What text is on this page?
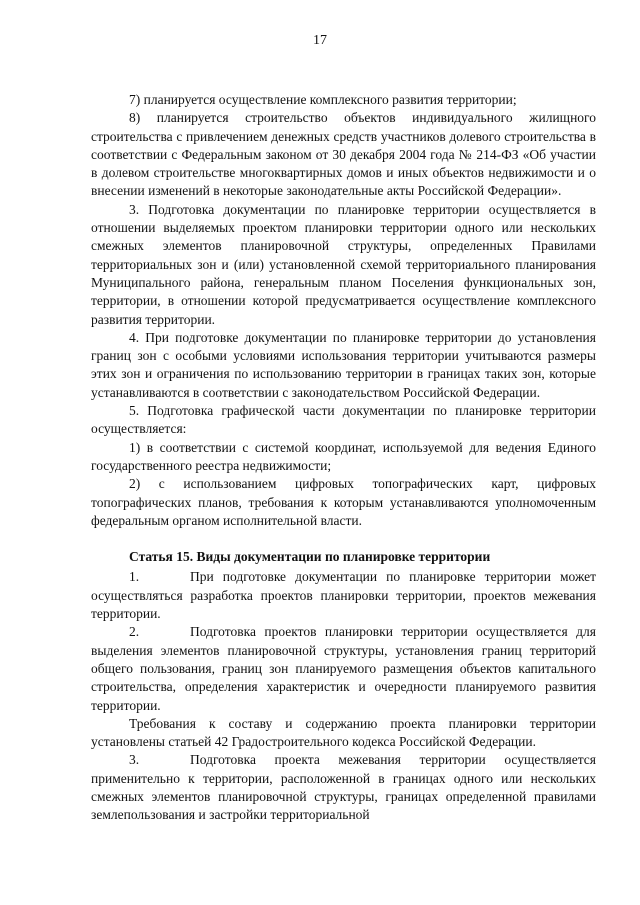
17

7) планируется осуществление комплексного развития территории;

8) планируется строительство объектов индивидуального жилищного строительства с привлечением денежных средств участников долевого строительства в соответствии с Федеральным законом от 30 декабря 2004 года № 214-ФЗ «Об участии в долевом строительстве многоквартирных домов и иных объектов недвижимости и о внесении изменений в некоторые законодательные акты Российской Федерации».

3. Подготовка документации по планировке территории осуществляется в отношении выделяемых проектом планировки территории одного или нескольких смежных элементов планировочной структуры, определенных Правилами территориальных зон и (или) установленной схемой территориального планирования Муниципального района, генеральным планом Поселения функциональных зон, территории, в отношении которой предусматривается осуществление комплексного развития территории.

4. При подготовке документации по планировке территории до установления границ зон с особыми условиями использования территории учитываются размеры этих зон и ограничения по использованию территории в границах таких зон, которые устанавливаются в соответствии с законодательством Российской Федерации.

5. Подготовка графической части документации по планировке территории осуществляется:

1) в соответствии с системой координат, используемой для ведения Единого государственного реестра недвижимости;

2) с использованием цифровых топографических карт, цифровых топографических планов, требования к которым устанавливаются уполномоченным федеральным органом исполнительной власти.

Статья 15. Виды документации по планировке территории

1.	При подготовке документации по планировке территории может осуществляться разработка проектов планировки территории, проектов межевания территории.

2.	Подготовка проектов планировки территории осуществляется для выделения элементов планировочной структуры, установления границ территорий общего пользования, границ зон планируемого размещения объектов капитального строительства, определения характеристик и очередности планируемого развития территории.

Требования к составу и содержанию проекта планировки территории установлены статьей 42 Градостроительного кодекса Российской Федерации.

3.	Подготовка проекта межевания территории осуществляется применительно к территории, расположенной в границах одного или нескольких смежных элементов планировочной структуры, границах определенной правилами землепользования и застройки территориальной
